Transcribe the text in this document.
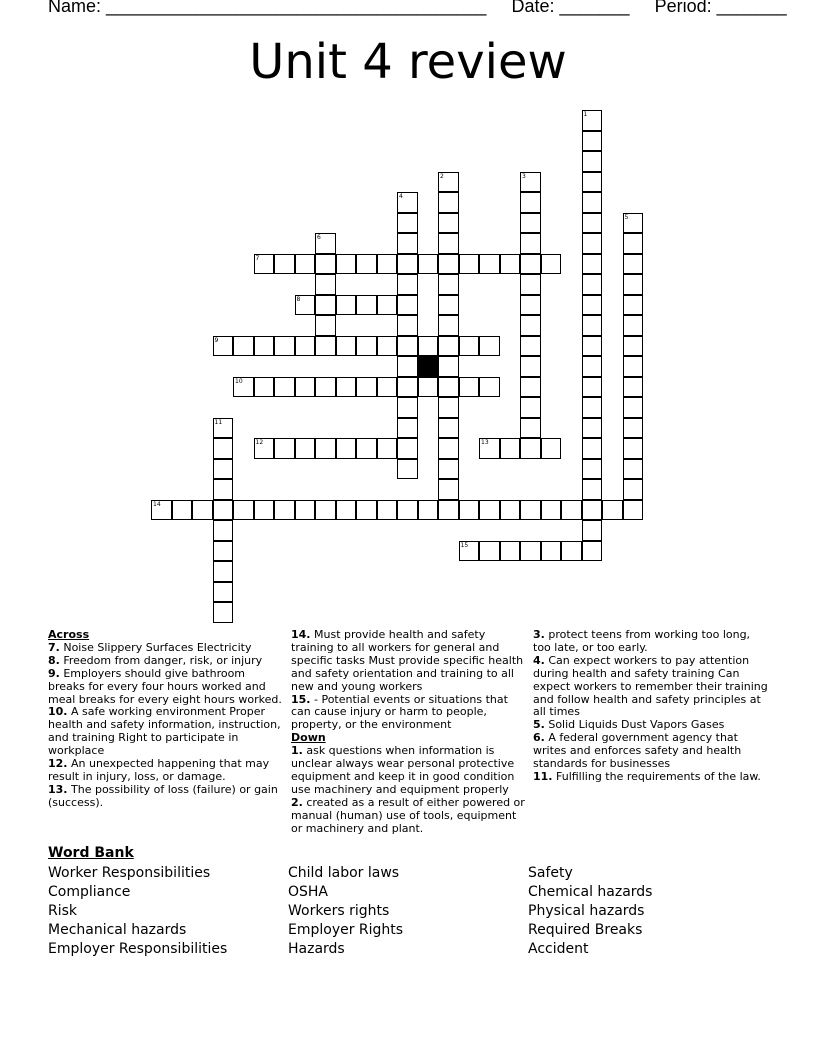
Name: ______________________________________ Date: _______ Period: _______
Unit 4 review
1
2	3
4
5
6
7
8
9
10
11
12	13
14
15

Across

7. Noise Slippery Surfaces Electricity

8. Freedom from danger, risk, or injury

9. Employers should give bathroom breaks for every four hours worked and meal breaks for every eight hours worked.

10. A safe working environment Proper health and safety information, instruction, and training Right to participate in workplace

12. An unexpected happening that may result in injury, loss, or damage.

13. The possibility of loss (failure) or gain (success).

14. Must provide health and safety training to all workers for general and specific tasks Must provide specific health and safety orientation and training to all new and young workers

15. - Potential events or situations that can cause injury or harm to people, property, or the environment

Down

1. ask questions when information is unclear always wear personal protective equipment and keep it in good condition use machinery and equipment properly

2. created as a result of either powered or manual (human) use of tools, equipment or machinery and plant.

3. protect teens from working too long, too late, or too early.

4. Can expect workers to pay attention during health and safety training Can expect workers to remember their training and follow health and safety principles at all times

5. Solid Liquids Dust Vapors Gases

6. A federal government agency that writes and enforces safety and health standards for businesses

11. Fulfilling the requirements of the law.

Word Bank
Worker Responsibilities
Compliance
Risk
Mechanical hazards
Employer Responsibilities
Child labor laws
OSHA
Workers rights
Employer Rights
Hazards
Safety
Chemical hazards
Physical hazards
Required Breaks
Accident
